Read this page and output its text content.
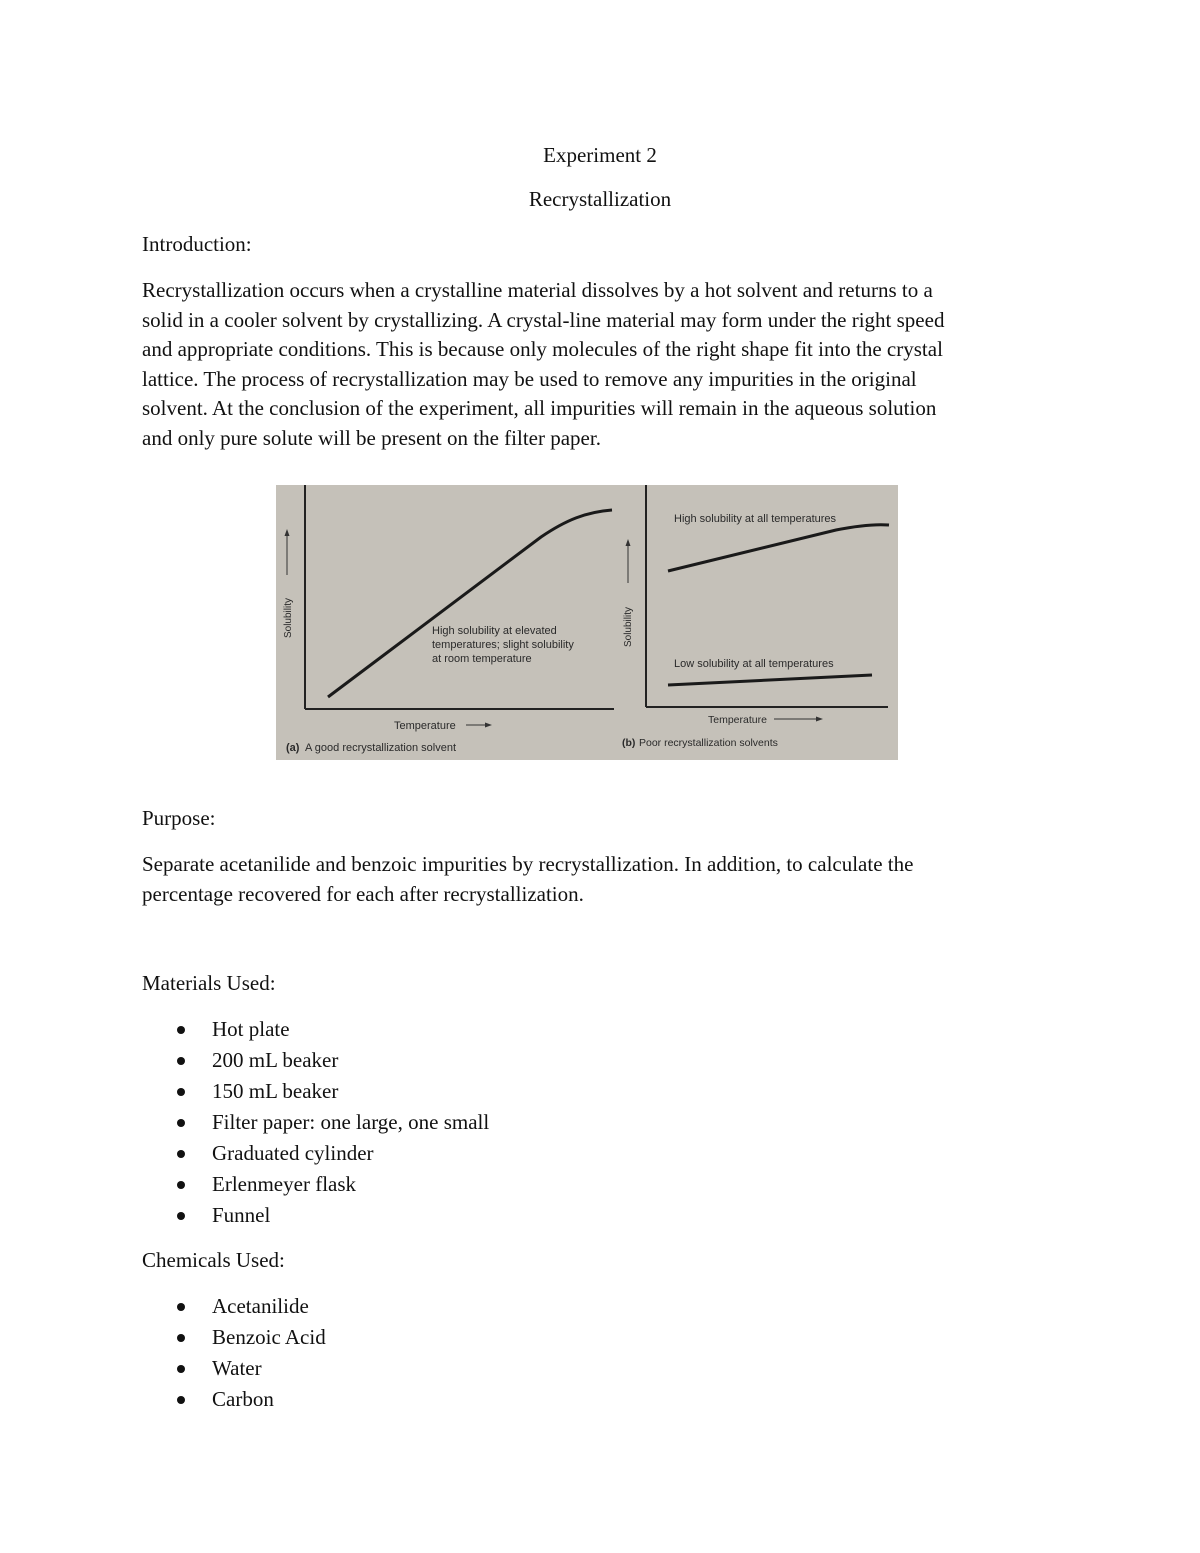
Experiment 2
Recrystallization
Introduction:

Recrystallization occurs when a crystalline material dissolves by a hot solvent and returns to a
solid in a cooler solvent by crystallizing. A crystal-line material may form under the right speed
and appropriate conditions. This is because only molecules of the right shape fit into the crystal
lattice. The process of recrystallization may be used to remove any impurities in the original
solvent. At the conclusion of the experiment, all impurities will remain in the aqueous solution
and only pure solute will be present on the filter paper.

Solubility	High solubility at elevated
temperatures; slight solubility
at room temperature
Temperature
(a) A good recrystallization solvent
Solubility
High solubility at all temperatures
Low solubility at all temperatures
Temperature
(b) Poor recrystallization solvents
Purpose:

Separate acetanilide and benzoic impurities by recrystallization. In addition, to calculate the
percentage recovered for each after recrystallization.

Materials Used:
Hot plate
200 mL beaker
150 mL beaker
Filter paper: one large, one small
Graduated cylinder
Erlenmeyer flask
Funnel
Chemicals Used:
Acetanilide
Benzoic Acid
Water
Carbon
